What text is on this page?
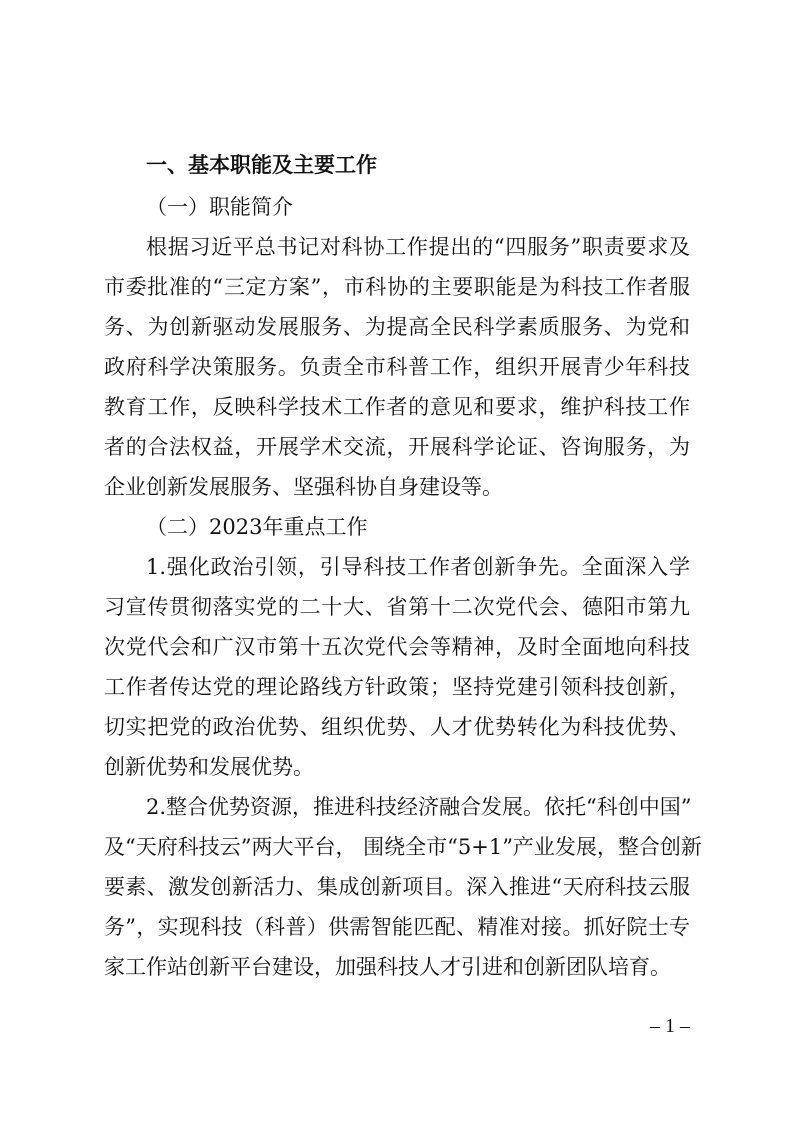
一、基本职能及主要工作
（一）职能简介
根据习近平总书记对科协工作提出的“四服务”职责要求及
市委批准的“三定方案”，市科协的主要职能是为科技工作者服
务、为创新驱动发展服务、为提高全民科学素质服务、为党和
政府科学决策服务。负责全市科普工作，组织开展青少年科技
教育工作，反映科学技术工作者的意见和要求，维护科技工作
者的合法权益，开展学术交流，开展科学论证、咨询服务，为
企业创新发展服务、坚强科协自身建设等。
（二）2023年重点工作
1.强化政治引领，引导科技工作者创新争先。全面深入学
习宣传贯彻落实党的二十大、省第十二次党代会、德阳市第九
次党代会和广汉市第十五次党代会等精神，及时全面地向科技
工作者传达党的理论路线方针政策；坚持党建引领科技创新，
切实把党的政治优势、组织优势、人才优势转化为科技优势、
创新优势和发展优势。
2.整合优势资源，推进科技经济融合发展。依托“科创中国”
及“天府科技云”两大平台， 围绕全市“5+1”产业发展，整合创新
要素、激发创新活力、集成创新项目。深入推进“天府科技云服
务”，实现科技（科普）供需智能匹配、精准对接。抓好院士专
家工作站创新平台建设，加强科技人才引进和创新团队培育。
– 1 –
